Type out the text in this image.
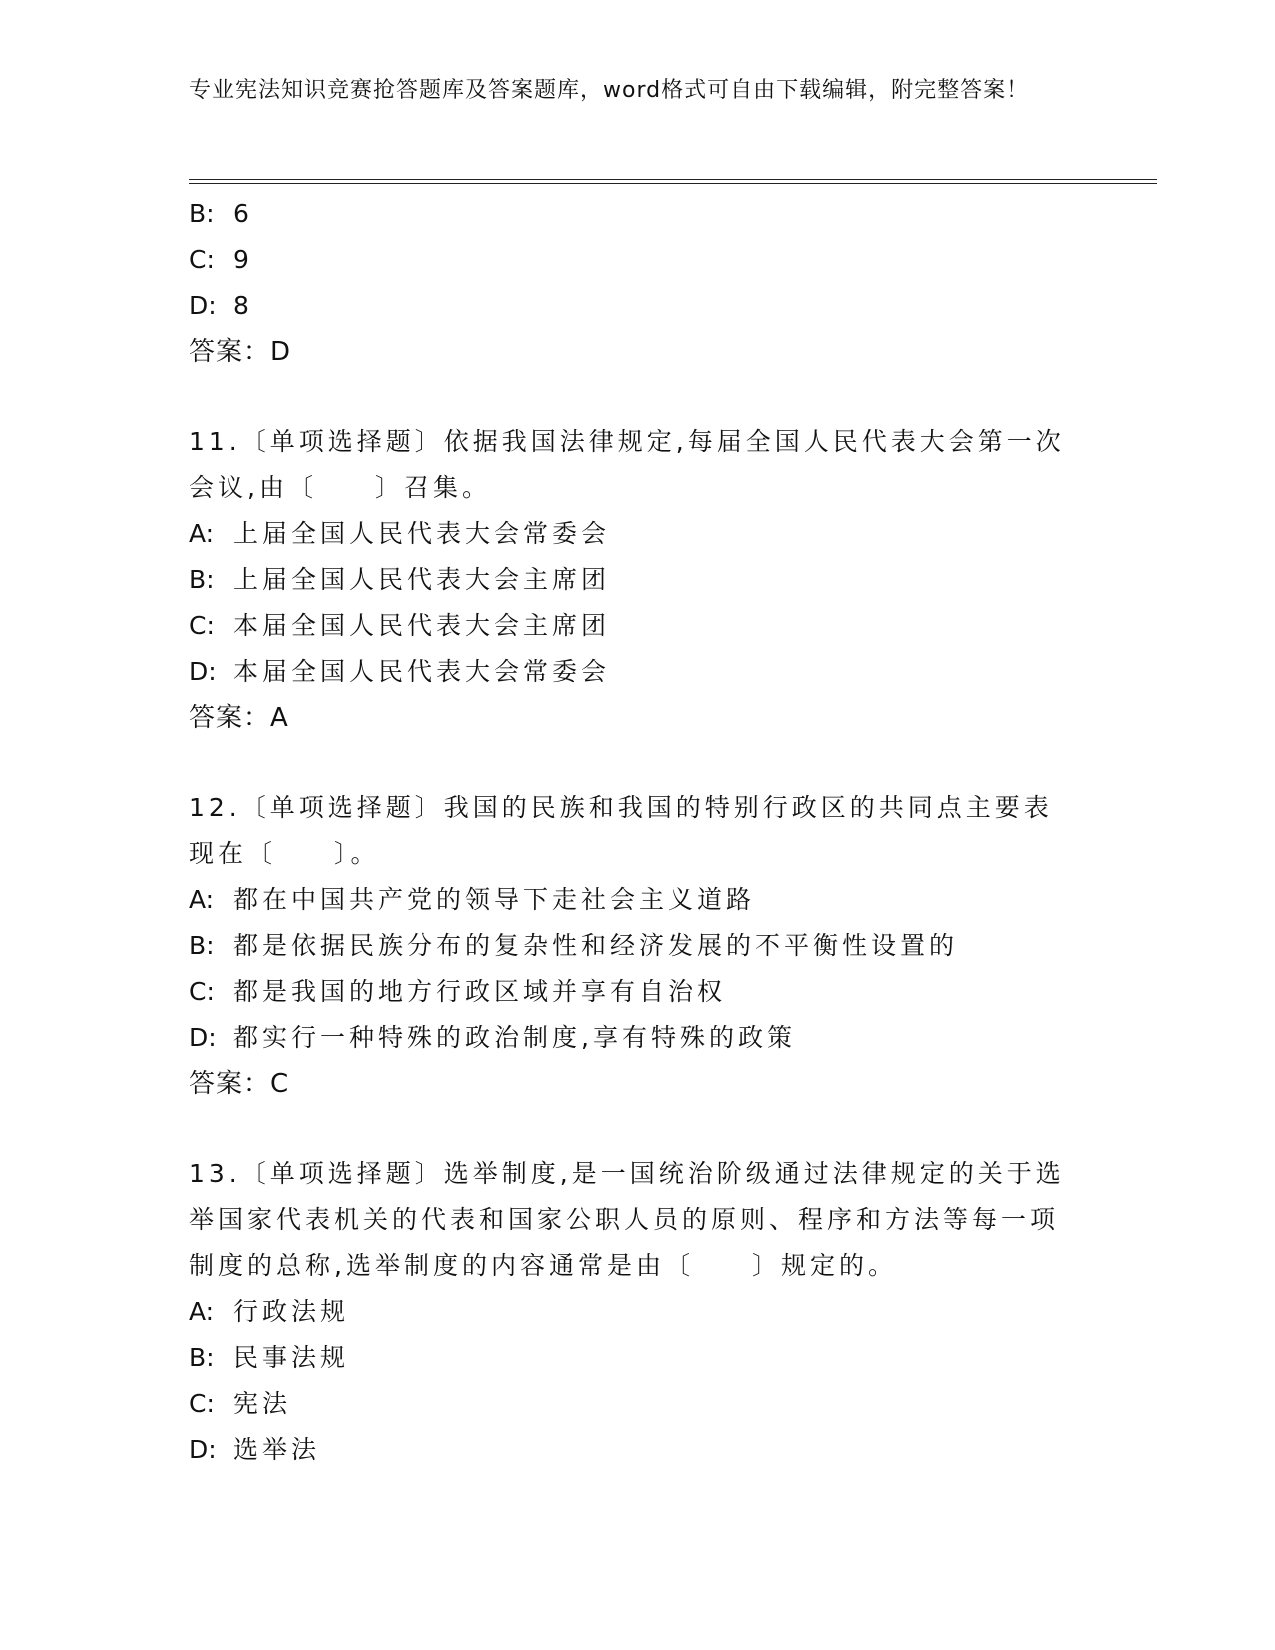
专业宪法知识竞赛抢答题库及答案题库，word格式可自由下载编辑，附完整答案！
B: 6
C: 9
D: 8
答案：D
11.〔单项选择题〕依据我国法律规定,每届全国人民代表大会第一次会议,由〔　　〕召集。
A: 上届全国人民代表大会常委会
B: 上届全国人民代表大会主席团
C: 本届全国人民代表大会主席团
D: 本届全国人民代表大会常委会
答案：A
12.〔单项选择题〕我国的民族和我国的特别行政区的共同点主要表现在〔　　〕。
A: 都在中国共产党的领导下走社会主义道路
B: 都是依据民族分布的复杂性和经济发展的不平衡性设置的
C: 都是我国的地方行政区域并享有自治权
D: 都实行一种特殊的政治制度,享有特殊的政策
答案：C
13.〔单项选择题〕选举制度,是一国统治阶级通过法律规定的关于选举国家代表机关的代表和国家公职人员的原则、程序和方法等每一项制度的总称,选举制度的内容通常是由〔　　〕规定的。
A: 行政法规
B: 民事法规
C: 宪法
D: 选举法
